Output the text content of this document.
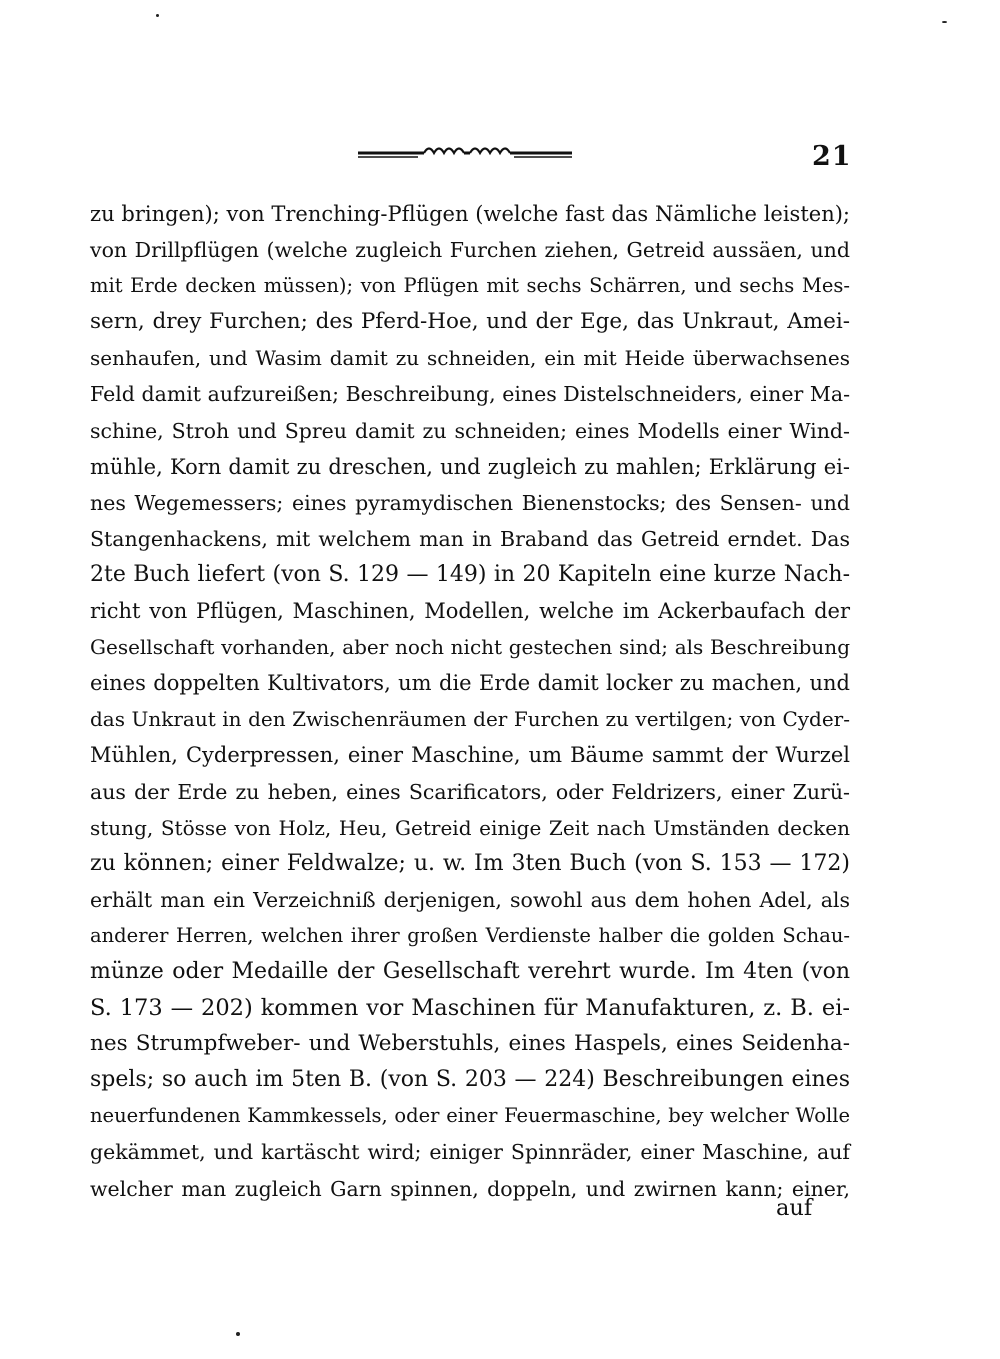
21
zu bringen); von Trenching-Pflügen (welche fast das Nämliche leisten);
von Drillpflügen (welche zugleich Furchen ziehen, Getreid aussäen, und
mit Erde decken müssen); von Pflügen mit sechs Schärren, und sechs Mes-
sern, drey Furchen; des Pferd-Hoe, und der Ege, das Unkraut, Amei-
senhaufen, und Wasim damit zu schneiden, ein mit Heide überwachsenes
Feld damit aufzureißen; Beschreibung, eines Distelschneiders, einer Ma-
schine, Stroh und Spreu damit zu schneiden; eines Modells einer Wind-
mühle, Korn damit zu dreschen, und zugleich zu mahlen; Erklärung ei-
nes Wegemessers; eines pyramydischen Bienenstocks; des Sensen- und
Stangenhackens, mit welchem man in Braband das Getreid erndet. Das
2te Buch liefert (von S. 129 — 149) in 20 Kapiteln eine kurze Nach-
richt von Pflügen, Maschinen, Modellen, welche im Ackerbaufach der
Gesellschaft vorhanden, aber noch nicht gestechen sind; als Beschreibung
eines doppelten Kultivators, um die Erde damit locker zu machen, und
das Unkraut in den Zwischenräumen der Furchen zu vertilgen; von Cyder-
Mühlen, Cyderpressen, einer Maschine, um Bäume sammt der Wurzel
aus der Erde zu heben, eines Scarificators, oder Feldrizers, einer Zurü-
stung, Stösse von Holz, Heu, Getreid einige Zeit nach Umständen decken
zu können; einer Feldwalze; u. w. Im 3ten Buch (von S. 153 — 172)
erhält man ein Verzeichniß derjenigen, sowohl aus dem hohen Adel, als
anderer Herren, welchen ihrer großen Verdienste halber die golden Schau-
münze oder Medaille der Gesellschaft verehrt wurde. Im 4ten (von
S. 173 — 202) kommen vor Maschinen für Manufakturen, z. B. ei-
nes Strumpfweber- und Weberstuhls, eines Haspels, eines Seidenha-
spels; so auch im 5ten B. (von S. 203 — 224) Beschreibungen eines
neuerfundenen Kammkessels, oder einer Feuermaschine, bey welcher Wolle
gekämmet, und kartäscht wird; einiger Spinnräder, einer Maschine, auf
welcher man zugleich Garn spinnen, doppeln, und zwirnen kann; einer,
auf
